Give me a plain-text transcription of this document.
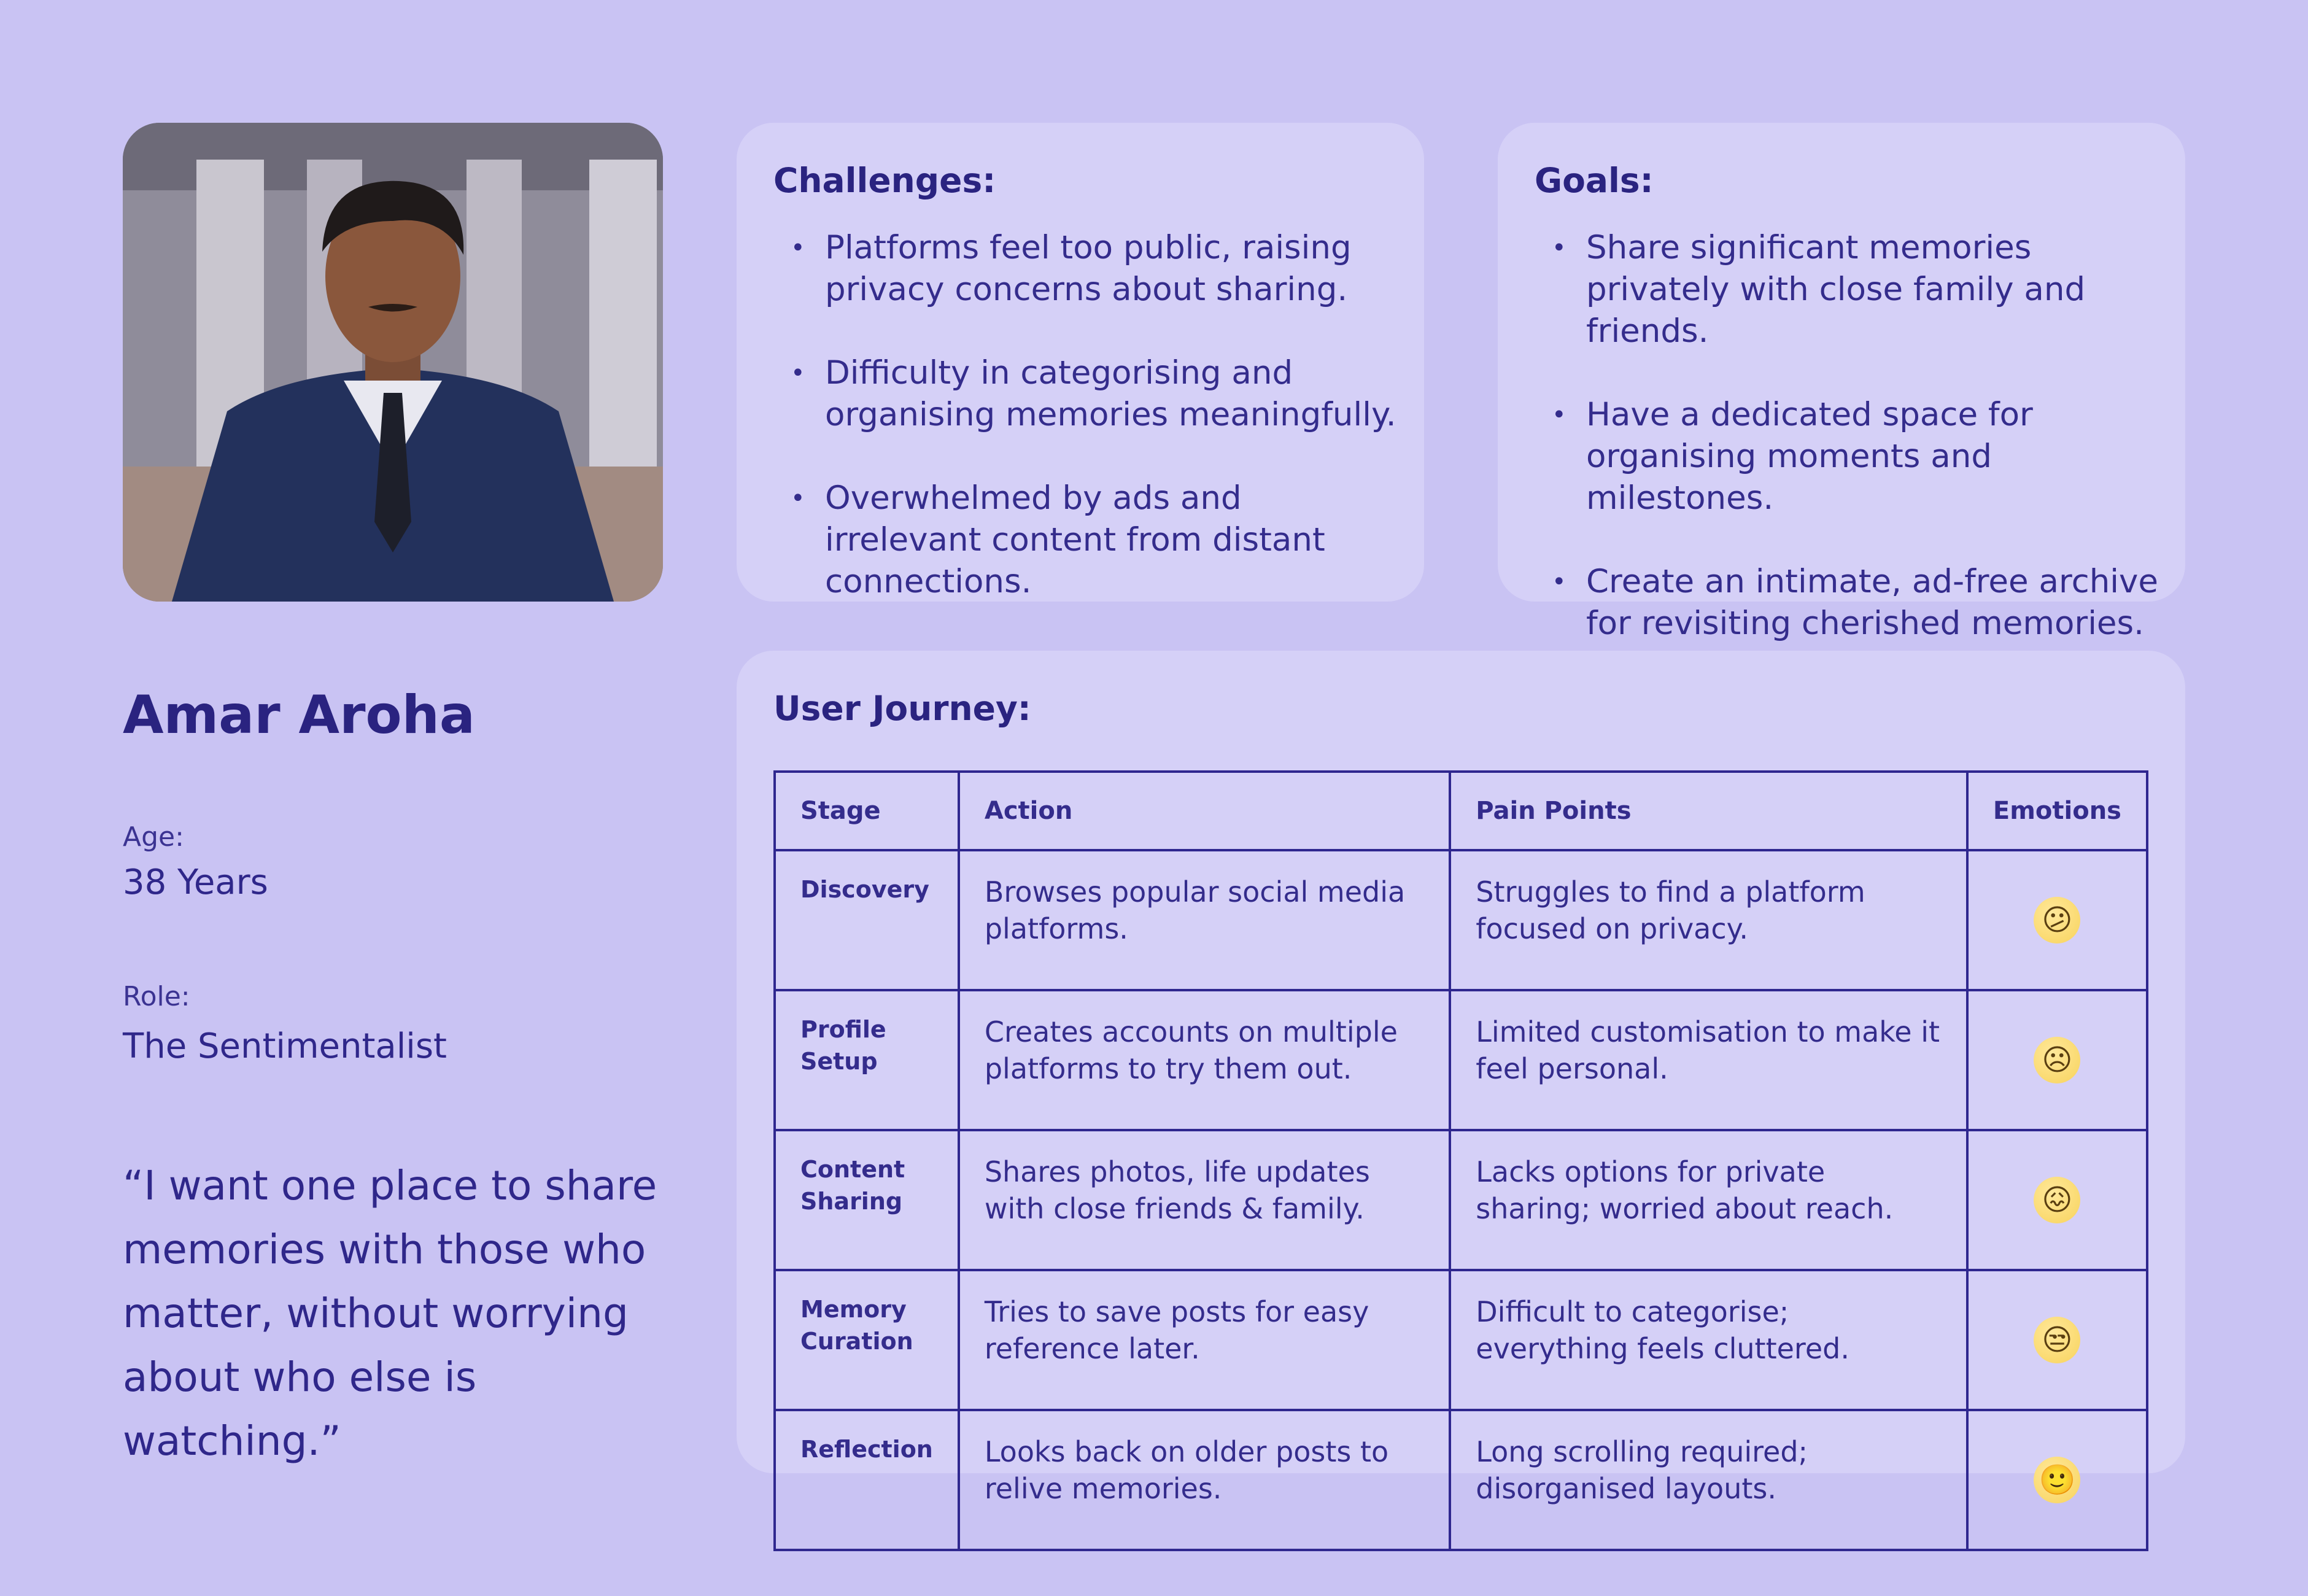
Challenges:
• Platforms feel too public, raising privacy concerns about sharing.
• Difficulty in categorising and organising memories meaningfully.
• Overwhelmed by ads and irrelevant content from distant connections.
Goals:
• Share significant memories privately with close family and friends.
• Have a dedicated space for organising moments and milestones.
• Create an intimate, ad-free archive for revisiting cherished memories.
Amar Aroha
Age:
38 Years
Role:
The Sentimentalist

“I want one place to share memories with those who matter, without worrying about who else is watching.”

User Journey:
Stage	Action	Pain Points	Emotions
Discovery	Browses popular social media platforms.	Struggles to find a platform focused on privacy.	😕
Profile Setup	Creates accounts on multiple platforms to try them out.	Limited customisation to make it feel personal.	☹
Content Sharing	Shares photos, life updates with close friends & family.	Lacks options for private sharing; worried about reach.	😖
Memory Curation	Tries to save posts for easy reference later.	Difficult to categorise; everything feels cluttered.	😒
Reflection	Looks back on older posts to relive memories.	Long scrolling required; disorganised layouts.	🙂
